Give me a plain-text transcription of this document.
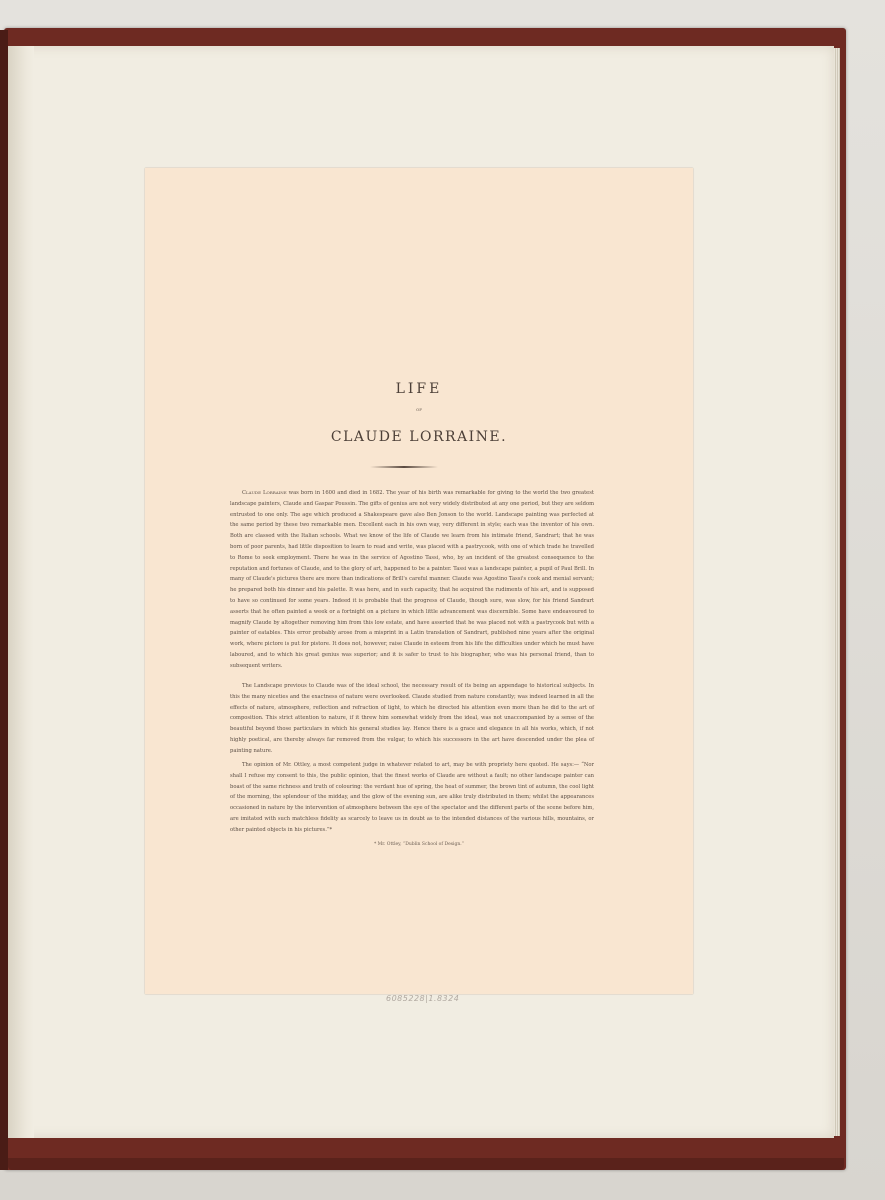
LIFE
OF
CLAUDE LORRAINE.

Claude Lorraine was born in 1600 and died in 1682. The year of his birth was remarkable for giving to the world the two greatest landscape painters, Claude and Gaspar Poussin. The gifts of genius are not very widely distributed at any one period, but they are seldom entrusted to one only. The age which produced a Shakespeare gave also Ben Jonson to the world. Landscape painting was perfected at the same period by these two remarkable men. Excellent each in his own way, very different in style; each was the inventor of his own. Both are classed with the Italian schools. What we know of the life of Claude we learn from his intimate friend, Sandrart; that he was born of poor parents, had little disposition to learn to read and write, was placed with a pastrycook, with one of which trade he travelled to Rome to seek employment. There he was in the service of Agostino Tassi, who, by an incident of the greatest consequence to the reputation and fortunes of Claude, and to the glory of art, happened to be a painter. Tassi was a landscape painter, a pupil of Paul Brill. In many of Claude's pictures there are more than indications of Brill's careful manner. Claude was Agostino Tassi's cook and menial servant; he prepared both his dinner and his palette. It was here, and in such capacity, that he acquired the rudiments of his art, and is supposed to have so continued for some years. Indeed it is probable that the progress of Claude, though sure, was slow, for his friend Sandrart asserts that he often painted a week or a fortnight on a picture in which little advancement was discernible. Some have endeavoured to magnify Claude by altogether removing him from this low estate, and have asserted that he was placed not with a pastrycook but with a painter of eatables. This error probably arose from a misprint in a Latin translation of Sandrart, published nine years after the original work, where pictore is put for pistore. It does not, however, raise Claude in esteem from his life the difficulties under which he must have laboured, and to which his great genius was superior; and it is safer to trust to his biographer, who was his personal friend, than to subsequent writers.

The Landscape previous to Claude was of the ideal school, the necessary result of its being an appendage to historical subjects. In this the many niceties and the exactness of nature were overlooked. Claude studied from nature constantly; was indeed learned in all the effects of nature, atmosphere, reflection and refraction of light, to which he directed his attention even more than he did to the art of composition. This strict attention to nature, if it threw him somewhat widely from the ideal, was not unaccompanied by a sense of the beautiful beyond those particulars in which his general studies lay. Hence there is a grace and elegance in all his works, which, if not highly poetical, are thereby always far removed from the vulgar, to which his successors in the art have descended under the plea of painting nature.

The opinion of Mr. Ottley, a most competent judge in whatever related to art, may be with propriety here quoted. He says:— “Nor shall I refuse my consent to this, the public opinion, that the finest works of Claude are without a fault; no other landscape painter can boast of the same richness and truth of colouring: the verdant hue of spring, the heat of summer, the brown tint of autumn, the cool light of the morning, the splendour of the midday, and the glow of the evening sun, are alike truly distributed in them; whilst the appearances occasioned in nature by the intervention of atmosphere between the eye of the spectator and the different parts of the scene before him, are imitated with such matchless fidelity as scarcely to leave us in doubt as to the intended distances of the various hills, mountains, or other painted objects in his pictures.”*

* Mr. Ottley, “Dublin School of Design.”
6085228|1.8324
